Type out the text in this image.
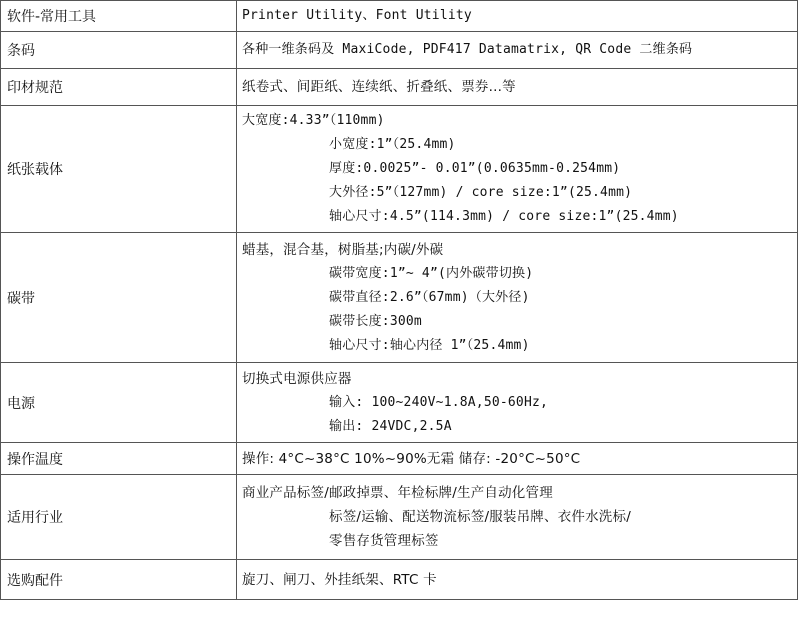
软件-常用工具	Printer Utility、Font Utility

条码	各种一维条码及 MaxiCode, PDF417 Datamatrix, QR Code 二维条码

印材规范	纸卷式、间距纸、连续纸、折叠纸、票券...等

纸张载体	大宽度:4.33”（110mm)
小宽度:1”（25.4mm)
厚度:0.0025”- 0.01”(0.0635mm-0.254mm)
大外径:5”（127mm) / core size:1”(25.4mm)
轴心尺寸:4.5”(114.3mm) / core size:1”(25.4mm)

碳带	蜡基，混合基，树脂基;内碳/外碳
碳带宽度:1”~ 4”(内外碳带切换)
碳带直径:2.6”（67mm)（大外径)
碳带长度:300m
轴心尺寸:轴心内径 1”（25.4mm)

电源	切换式电源供应器
输入: 100~240V~1.8A,50-60Hz,
输出: 24VDC,2.5A

操作温度	操作: 4°C~38°C 10%~90%无霜 储存: -20°C~50°C

适用行业	商业产品标签/邮政掉票、年检标牌/生产自动化管理
标签/运输、配送物流标签/服装吊牌、衣件水洗标/
零售存货管理标签

选购配件	旋刀、闸刀、外挂纸架、RTC 卡
